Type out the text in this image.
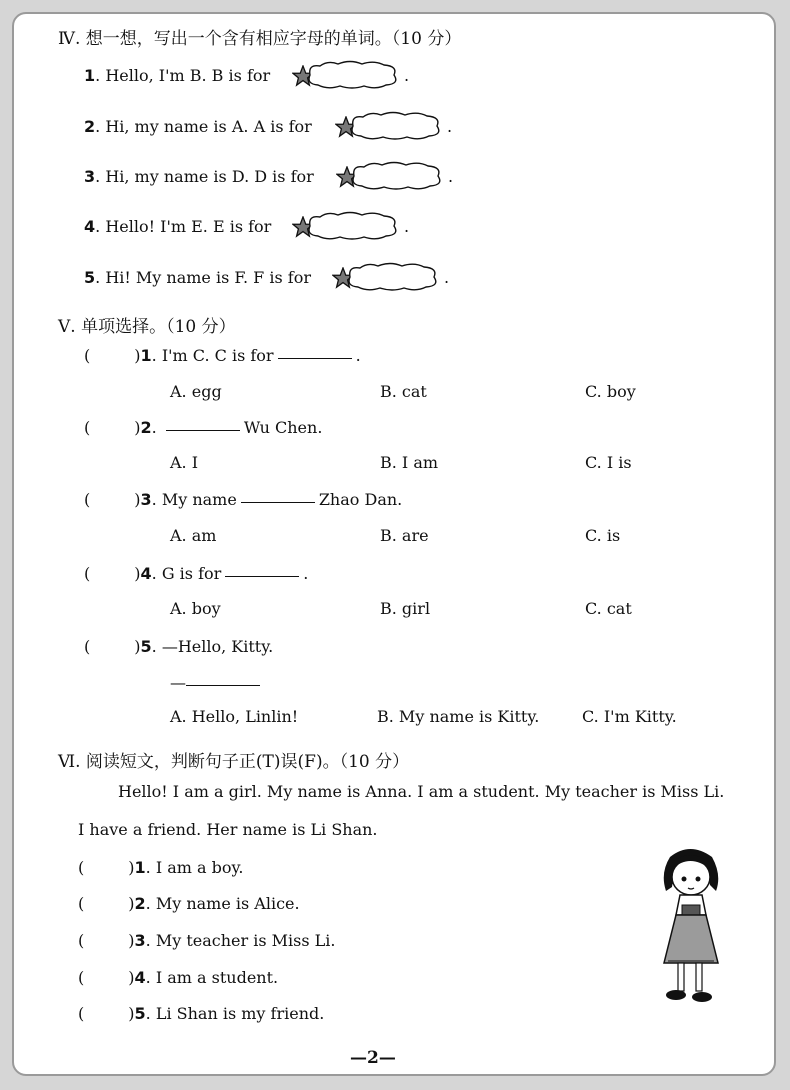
Ⅳ. 想一想，写出一个含有相应字母的单词。（10 分）
1. Hello, I'm B. B is for	.
2. Hi, my name is A. A is for	.
3. Hi, my name is D. D is for	.
4. Hello! I'm E. E is for	.
5. Hi! My name is F. F is for	.
Ⅴ. 单项选择。（10 分）
(	)1. I'm C. C is for	.
A. egg	B. cat	C. boy
(	)2.	Wu Chen.
A. I	B. I am	C. I is
(	)3. My name	Zhao Dan.
A. am	B. are	C. is
(	)4. G is for	.
A. boy	B. girl	C. cat
(	)5. —Hello, Kitty.
—
A. Hello, Linlin!	B. My name is Kitty.	C. I'm Kitty.
Ⅵ. 阅读短文，判断句子正(T)误(F)。（10 分）
Hello! I am a girl. My name is Anna. I am a student. My teacher is Miss Li.
I have a friend. Her name is Li Shan.
(	)1. I am a boy.
(	)2. My name is Alice.
(	)3. My teacher is Miss Li.
(	)4. I am a student.
(	)5. Li Shan is my friend.
—2—
